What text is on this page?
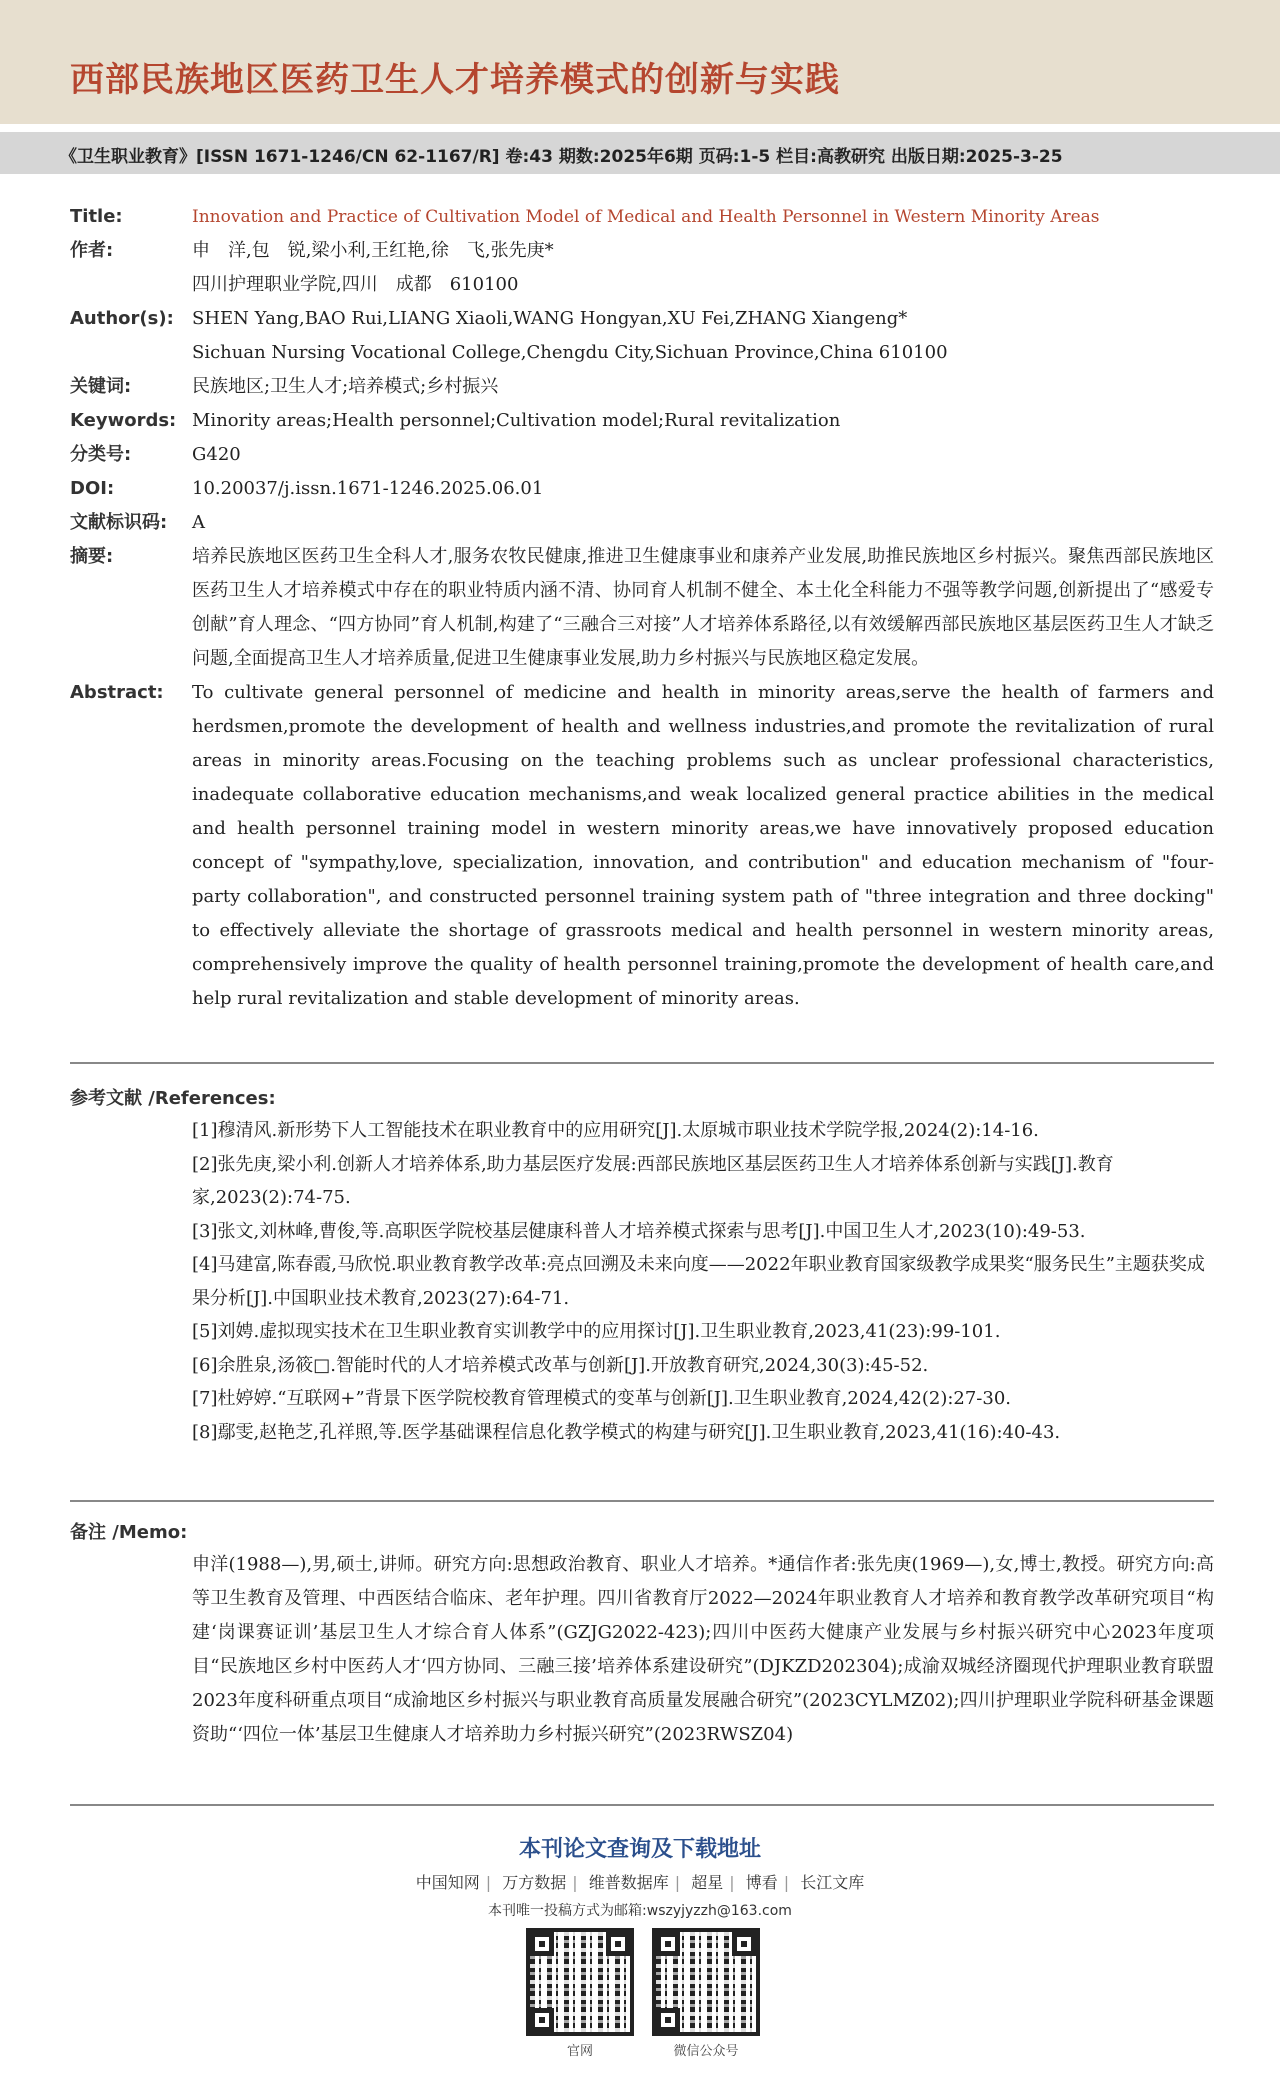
西部民族地区医药卫生人才培养模式的创新与实践
《卫生职业教育》[ISSN 1671-1246/CN 62-1167/R] 卷:43 期数:2025年6期 页码:1-5 栏目:高教研究 出版日期:2025-3-25
Title:	Innovation and Practice of Cultivation Model of Medical and Health Personnel in Western Minority Areas
作者:	申　洋,包　锐,梁小利,王红艳,徐　飞,张先庚*
四川护理职业学院,四川　成都　610100
Author(s):	SHEN Yang,BAO Rui,LIANG Xiaoli,WANG Hongyan,XU Fei,ZHANG Xiangeng*
Sichuan Nursing Vocational College,Chengdu City,Sichuan Province,China 610100
关键词:	民族地区;卫生人才;培养模式;乡村振兴
Keywords: Minority areas;Health personnel;Cultivation model;Rural revitalization
分类号:	G420
DOI:	10.20037/j.issn.1671-1246.2025.06.01
文献标识码:	A
摘要:	培养民族地区医药卫生全科人才,服务农牧民健康,推进卫生健康事业和康养产业发展,助推民族地区乡村振兴。聚焦西部民族地区医药卫生人才培养模式中存在的职业特质内涵不清、协同育人机制不健全、本土化全科能力不强等教学问题,创新提出了“感爱专创献”育人理念、“四方协同”育人机制,构建了“三融合三对接”人才培养体系路径,以有效缓解西部民族地区基层医药卫生人才缺乏问题,全面提高卫生人才培养质量,促进卫生健康事业发展,助力乡村振兴与民族地区稳定发展。
Abstract:	To cultivate general personnel of medicine and health in minority areas,serve the health of farmers and herdsmen,promote the development of health and wellness industries,and promote the revitalization of rural areas in minority areas.Focusing on the teaching problems such as unclear professional characteristics, inadequate collaborative education mechanisms,and weak localized general practice abilities in the medical and health personnel training model in western minority areas,we have innovatively proposed education concept of "sympathy,love, specialization, innovation, and contribution" and education mechanism of "four-party collaboration", and constructed personnel training system path of "three integration and three docking" to effectively alleviate the shortage of grassroots medical and health personnel in western minority areas, comprehensively improve the quality of health personnel training,promote the development of health care,and help rural revitalization and stable development of minority areas.
参考文献 /References:
[1]穆清风.新形势下人工智能技术在职业教育中的应用研究[J].太原城市职业技术学院学报,2024(2):14-16.
[2]张先庚,梁小利.创新人才培养体系,助力基层医疗发展:西部民族地区基层医药卫生人才培养体系创新与实践[J].教育家,2023(2):74-75.
[3]张文,刘林峰,曹俊,等.高职医学院校基层健康科普人才培养模式探索与思考[J].中国卫生人才,2023(10):49-53.
[4]马建富,陈春霞,马欣悦.职业教育教学改革:亮点回溯及未来向度——2022年职业教育国家级教学成果奖“服务民生”主题获奖成果分析[J].中国职业技术教育,2023(27):64-71.
[5]刘娉.虚拟现实技术在卫生职业教育实训教学中的应用探讨[J].卫生职业教育,2023,41(23):99-101.
[6]余胜泉,汤筱□.智能时代的人才培养模式改革与创新[J].开放教育研究,2024,30(3):45-52.
[7]杜婷婷.“互联网+”背景下医学院校教育管理模式的变革与创新[J].卫生职业教育,2024,42(2):27-30.
[8]鄢雯,赵艳芝,孔祥照,等.医学基础课程信息化教学模式的构建与研究[J].卫生职业教育,2023,41(16):40-43.
备注 /Memo:
申洋(1988—),男,硕士,讲师。研究方向:思想政治教育、职业人才培养。*通信作者:张先庚(1969—),女,博士,教授。研究方向:高等卫生教育及管理、中西医结合临床、老年护理。四川省教育厅2022—2024年职业教育人才培养和教育教学改革研究项目“构建‘岗课赛证训’基层卫生人才综合育人体系”(GZJG2022-423);四川中医药大健康产业发展与乡村振兴研究中心2023年度项目“民族地区乡村中医药人才‘四方协同、三融三接’培养体系建设研究”(DJKZD202304);成渝双城经济圈现代护理职业教育联盟2023年度科研重点项目“成渝地区乡村振兴与职业教育高质量发展融合研究”(2023CYLMZ02);四川护理职业学院科研基金课题资助“‘四位一体’基层卫生健康人才培养助力乡村振兴研究”(2023RWSZ04)
本刊论文查询及下载地址
中国知网 | 万方数据 | 维普数据库 | 超星 | 博看 | 长江文库
本刊唯一投稿方式为邮箱:wszyjyzzh@163.com
官网	微信公众号
